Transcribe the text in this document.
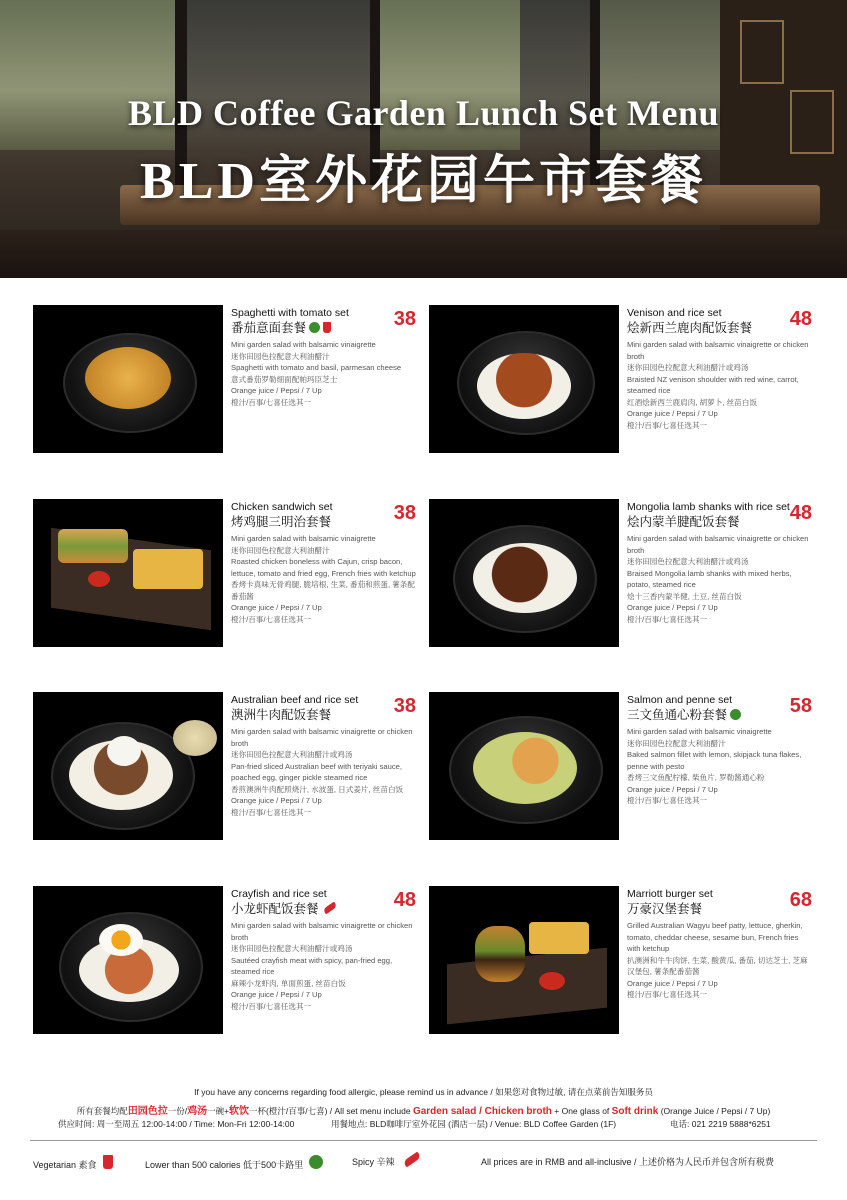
BLD Coffee Garden Lunch Set Menu
BLD室外花园午市套餐
Spaghetti with tomato set
番茄意面套餐	38
Mini garden salad with balsamic vinaigrette
迷你田园色拉配意大利油醋汁
Spaghetti with tomato and basil, parmesan cheese
意式番茄罗勒细面配帕玛臣芝士
Orange juice / Pepsi / 7 Up
橙汁/百事/七喜任选其一
Venison and rice set
烩新西兰鹿肉配饭套餐	48
Mini garden salad with balsamic vinaigrette or chicken broth
迷你田园色拉配意大利油醋汁或鸡汤
Braisted NZ venison shoulder with red wine, carrot, steamed rice
红酒烩新西兰鹿肩肉, 胡萝卜, 丝苗白饭
Orange juice / Pepsi / 7 Up
橙汁/百事/七喜任选其一
Chicken sandwich set
烤鸡腿三明治套餐	38
Mini garden salad with balsamic vinaigrette
迷你田园色拉配意大利油醋汁
Roasted chicken boneless with Cajun, crisp bacon, lettuce, tomato and fried egg, French fries with ketchup
香烤卡真味无骨鸡腿, 脆培根, 生菜, 番茄和煎蛋, 薯条配番茄酱
Orange juice / Pepsi / 7 Up
橙汁/百事/七喜任选其一
Mongolia lamb shanks with rice set
烩内蒙羊腱配饭套餐	48
Mini garden salad with balsamic vinaigrette or chicken broth
迷你田园色拉配意大利油醋汁或鸡汤
Braised Mongolia lamb shanks with mixed herbs, potato, steamed rice
烩十三香内蒙羊健, 土豆, 丝苗白饭
Orange juice / Pepsi / 7 Up
橙汁/百事/七喜任选其一
Australian beef and rice set
澳洲牛肉配饭套餐	38
Mini garden salad with balsamic vinaigrette or chicken broth
迷你田园色拉配意大利油醋汁或鸡汤
Pan-fried sliced Australian beef with teriyaki sauce, poached egg, ginger pickle steamed rice
香煎澳洲牛肉配照烧汁, 水波蛋, 日式姜片, 丝苗白饭
Orange juice / Pepsi / 7 Up
橙汁/百事/七喜任选其一
Salmon and penne set
三文鱼通心粉套餐	58
Mini garden salad with balsamic vinaigrette
迷你田园色拉配意大利油醋汁
Baked salmon fillet with lemon, skipjack tuna flakes, penne with pesto
香烤三文鱼配柠檬, 柴鱼片, 罗勒酱通心粉
Orange juice / Pepsi / 7 Up
橙汁/百事/七喜任选其一
Crayfish and rice set
小龙虾配饭套餐	48
Mini garden salad with balsamic vinaigrette or chicken broth
迷你田园色拉配意大利油醋汁或鸡汤
Sautéed crayfish meat with spicy, pan-fried egg, steamed rice
麻辣小龙虾肉, 单面煎蛋, 丝苗白饭
Orange juice / Pepsi / 7 Up
橙汁/百事/七喜任选其一
Marriott burger set
万豪汉堡套餐	68
Grilled Australian Wagyu beef patty, lettuce, gherkin, tomato, cheddar cheese, sesame bun, French fries with ketchup
扒澳洲和牛牛肉饼, 生菜, 酸黄瓜, 番茄, 切达芝士, 芝麻汉堡包, 薯条配番茄酱
Orange juice / Pepsi / 7 Up
橙汁/百事/七喜任选其一
If you have any concerns regarding food allergic, please remind us in advance / 如果您对食物过敏, 请在点菜前告知服务员
所有套餐均配田园色拉一份/鸡汤一碗+软饮一杯(橙汁/百事/七喜) / All set menu include Garden salad / Chicken broth + One glass of Soft drink (Orange Juice / Pepsi / 7 Up)
供应时间: 周一至周五 12:00-14:00 / Time: Mon-Fri 12:00-14:00	用餐地点: BLD咖啡厅室外花园 (酒店一层) / Venue: BLD Coffee Garden (1F)	电话: 021 2219 5888*6251
Vegetarian 素食	Lower than 500 calories 低于500卡路里	Spicy 辛辣	All prices are in RMB and all-inclusive / 上述价格为人民币并包含所有税费
